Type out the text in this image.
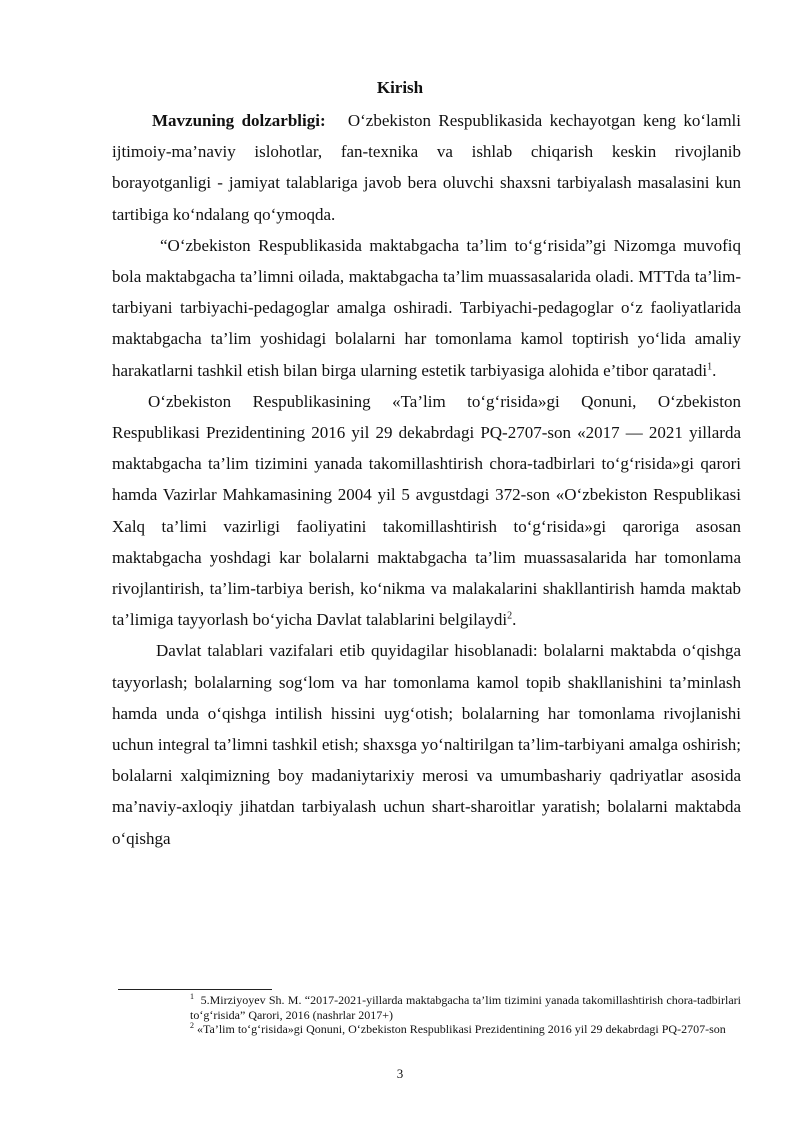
Kirish

Mavzuning dolzarbligi: O‘zbekiston Respublikasida kechayotgan keng ko‘lamli ijtimoiy-ma’naviy islohotlar, fan-texnika va ishlab chiqarish keskin rivojlanib borayotganligi - jamiyat talablariga javob bera oluvchi shaxsni tarbiyalash masalasini kun tartibiga ko‘ndalang qo‘ymoqda.

“O‘zbekiston Respublikasida maktabgacha ta’lim to‘g‘risida”gi Nizomga muvofiq bola maktabgacha ta’limni oilada, maktabgacha ta’lim muassasalarida oladi. MTTda ta’lim-tarbiyani tarbiyachi-pedagoglar amalga oshiradi. Tarbiyachi-pedagoglar o‘z faoliyatlarida maktabgacha ta’lim yoshidagi bolalarni har tomonlama kamol toptirish yo‘lida amaliy harakatlarni tashkil etish bilan birga ularning estetik tarbiyasiga alohida e’tibor qaratadi$^1$.

O‘zbekiston Respublikasining «Ta’lim to‘g‘risida»gi Qonuni, O‘zbekiston Respublikasi Prezidentining 2016 yil 29 dekabrdagi PQ-2707-son «2017 — 2021 yillarda maktabgacha ta’lim tizimini yanada takomillashtirish chora-tadbirlari to‘g‘risida»gi qarori hamda Vazirlar Mahkamasining 2004 yil 5 avgustdagi 372-son «O‘zbekiston Respublikasi Xalq ta’limi vazirligi faoliyatini takomillashtirish to‘g‘risida»gi qaroriga asosan maktabgacha yoshdagi kar bolalarni maktabgacha ta’lim muassasalarida har tomonlama rivojlantirish, ta’lim-tarbiya berish, ko‘nikma va malakalarini shakllantirish hamda maktab ta’limiga tayyorlash bo‘yicha Davlat talablarini belgilaydi$^2$.

Davlat talablari vazifalari etib quyidagilar hisoblanadi: bolalarni maktabda o‘qishga tayyorlash; bolalarning sog‘lom va har tomonlama kamol topib shakllanishini ta’minlash hamda unda o‘qishga intilish hissini uyg‘otish; bolalarning har tomonlama rivojlanishi uchun integral ta’limni tashkil etish; shaxsga yo‘naltirilgan ta’lim-tarbiyani amalga oshirish; bolalarni xalqimizning boy madaniytarixiy merosi va umumbashariy qadriyatlar asosida ma’naviy-axloqiy jihatdan tarbiyalash uchun shart-sharoitlar yaratish; bolalarni maktabda o‘qishga

$^1$ 5.Mirziyoyev Sh. M. “2017-2021-yillarda maktabgacha ta’lim tizimini yanada takomillashtirish chora-tadbirlari to‘g‘risida” Qarori, 2016 (nashrlar 2017+)

$^2$ «Ta’lim to‘g‘risida»gi Qonuni, O‘zbekiston Respublikasi Prezidentining 2016 yil 29 dekabrdagi PQ-2707-son

3
